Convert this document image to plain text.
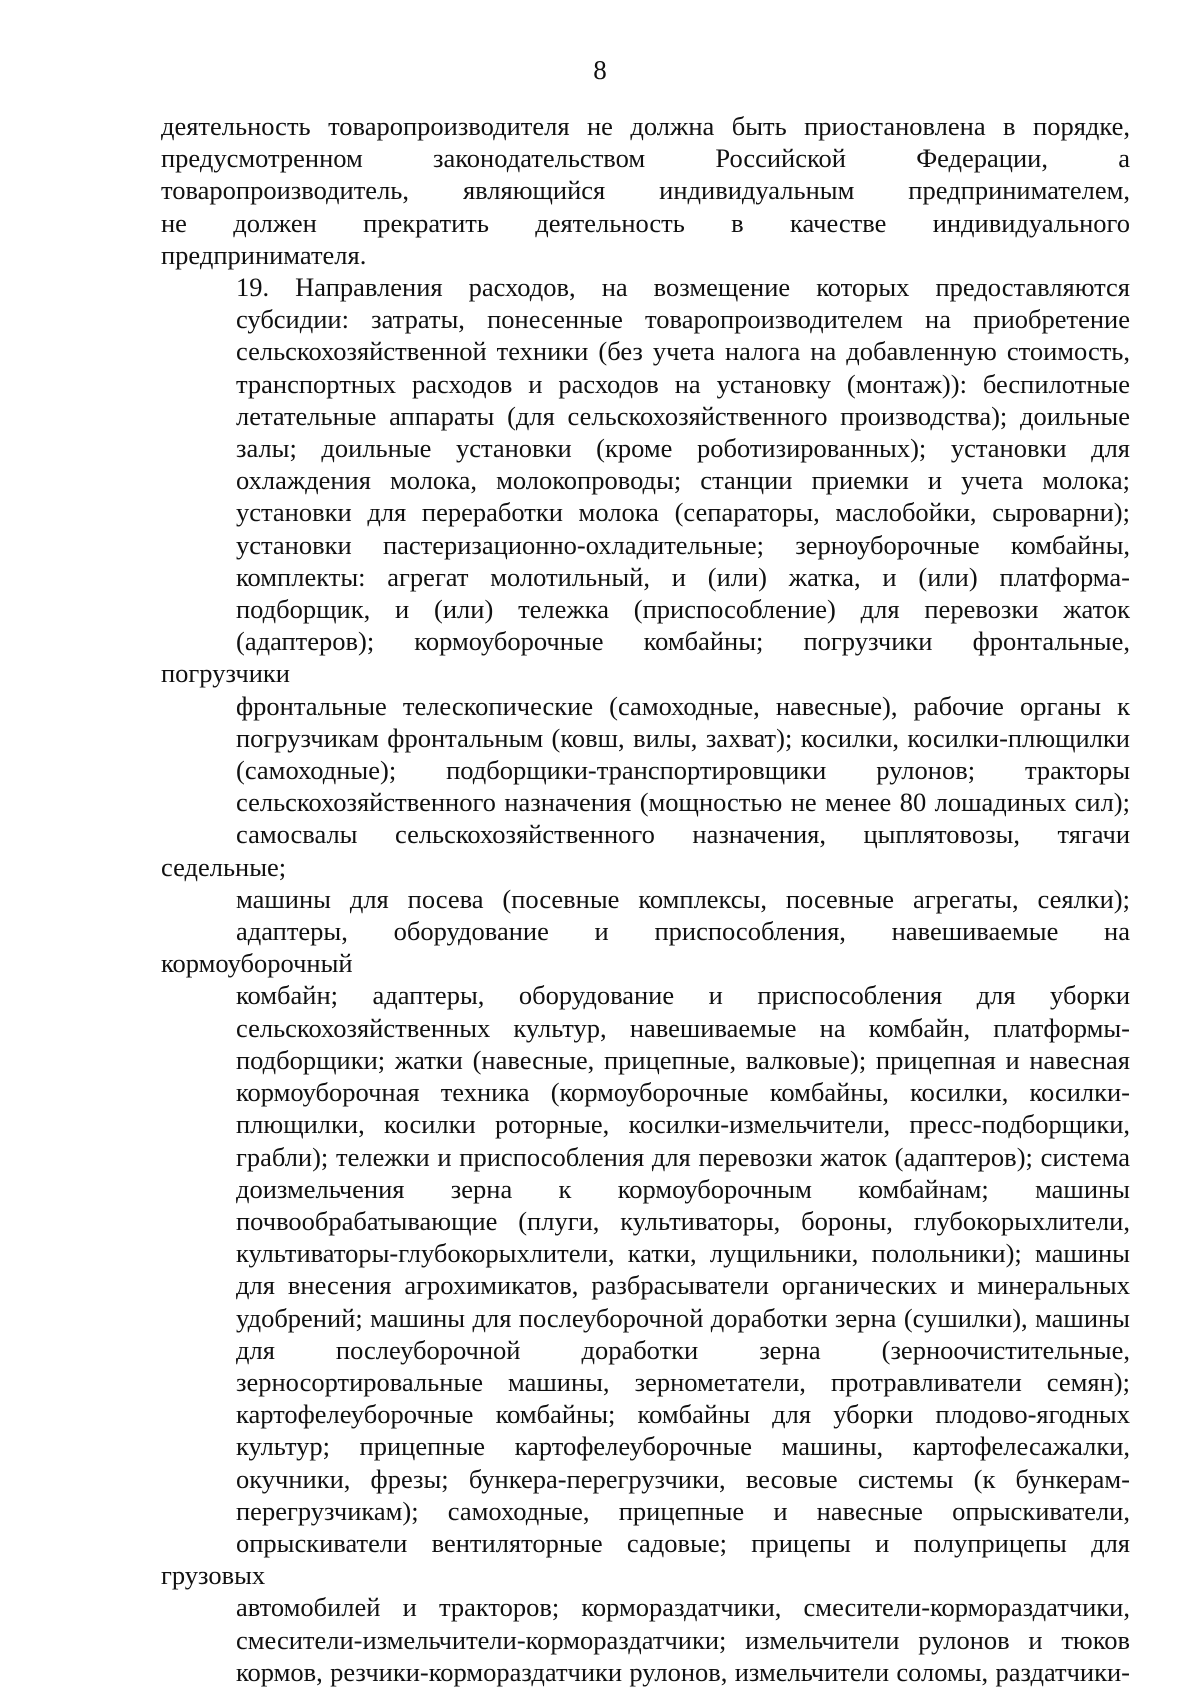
8
деятельность товаропроизводителя не должна быть приостановлена в порядке,
предусмотренном законодательством Российской Федерации, а
товаропроизводитель, являющийся индивидуальным предпринимателем,
не должен прекратить деятельность в качестве индивидуального
предпринимателя.
19. Направления расходов, на возмещение которых предоставляются
субсидии: затраты, понесенные товаропроизводителем на приобретение
сельскохозяйственной техники (без учета налога на добавленную стоимость,
транспортных расходов и расходов на установку (монтаж)): беспилотные
летательные аппараты (для сельскохозяйственного производства); доильные
залы; доильные установки (кроме роботизированных); установки для
охлаждения молока, молокопроводы; станции приемки и учета молока;
установки для переработки молока (сепараторы, маслобойки, сыроварни);
установки пастеризационно-охладительные; зерноуборочные комбайны,
комплекты: агрегат молотильный, и (или) жатка, и (или) платформа-
подборщик, и (или) тележка (приспособление) для перевозки жаток
(адаптеров); кормоуборочные комбайны; погрузчики фронтальные, погрузчики
фронтальные телескопические (самоходные, навесные), рабочие органы к
погрузчикам фронтальным (ковш, вилы, захват); косилки, косилки-плющилки
(самоходные); подборщики-транспортировщики рулонов; тракторы
сельскохозяйственного назначения (мощностью не менее 80 лошадиных сил);
самосвалы сельскохозяйственного назначения, цыплятовозы, тягачи седельные;
машины для посева (посевные комплексы, посевные агрегаты, сеялки);
адаптеры, оборудование и приспособления, навешиваемые на кормоуборочный
комбайн; адаптеры, оборудование и приспособления для уборки
сельскохозяйственных культур, навешиваемые на комбайн, платформы-
подборщики; жатки (навесные, прицепные, валковые); прицепная и навесная
кормоуборочная техника (кормоуборочные комбайны, косилки, косилки-
плющилки, косилки роторные, косилки-измельчители, пресс-подборщики,
грабли); тележки и приспособления для перевозки жаток (адаптеров); система
доизмельчения зерна к кормоуборочным комбайнам; машины
почвообрабатывающие (плуги, культиваторы, бороны, глубокорыхлители,
культиваторы-глубокорыхлители, катки, лущильники, полольники); машины
для внесения агрохимикатов, разбрасыватели органических и минеральных
удобрений; машины для послеуборочной доработки зерна (сушилки), машины
для послеуборочной доработки зерна (зерноочистительные,
зерносортировальные машины, зернометатели, протравливатели семян);
картофелеуборочные комбайны; комбайны для уборки плодово-ягодных
культур; прицепные картофелеуборочные машины, картофелесажалки,
окучники, фрезы; бункера-перегрузчики, весовые системы (к бункерам-
перегрузчикам); самоходные, прицепные и навесные опрыскиватели,
опрыскиватели вентиляторные садовые; прицепы и полуприцепы для грузовых
автомобилей и тракторов; кормораздатчики, смесители-кормораздатчики,
смесители-измельчители-кормораздатчики; измельчители рулонов и тюков
кормов, резчики-кормораздатчики рулонов, измельчители соломы, раздатчики-
